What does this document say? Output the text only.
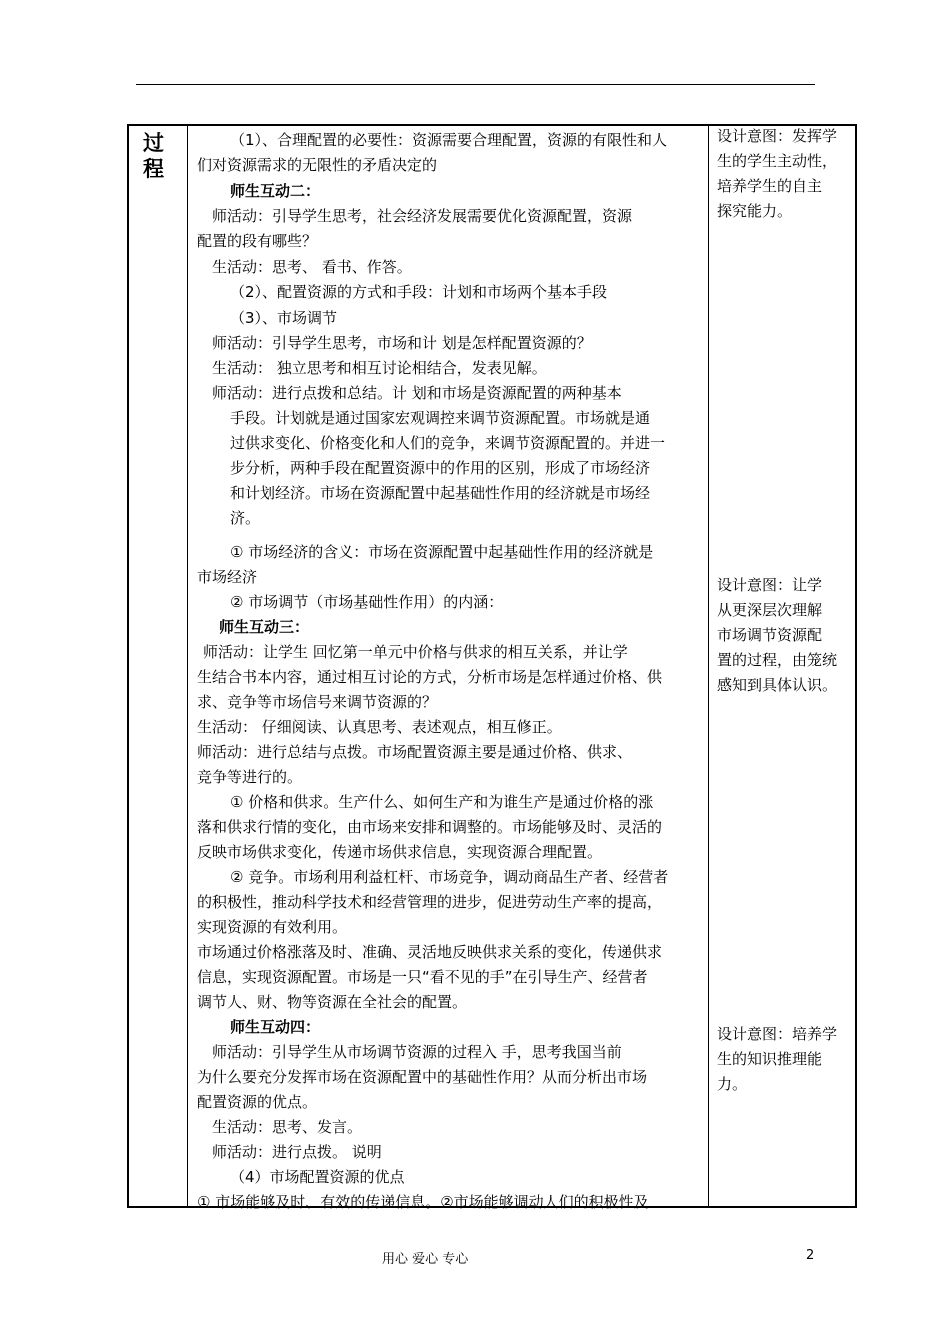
过
程
（1）、合理配置的必要性：资源需要合理配置，资源的有限性和人
们对资源需求的无限性的矛盾决定的
师生互动二：
师活动：引导学生思考，社会经济发展需要优化资源配置，资源
配置的段有哪些？
生活动：思考、 看书、作答。
（2）、配置资源的方式和手段：计划和市场两个基本手段
（3）、市场调节
师活动：引导学生思考，市场和计 划是怎样配置资源的？
生活动： 独立思考和相互讨论相结合，发表见解。
师活动：进行点拨和总结。计 划和市场是资源配置的两种基本
手段。计划就是通过国家宏观调控来调节资源配置。市场就是通
过供求变化、价格变化和人们的竞争，来调节资源配置的。并进一
步分析，两种手段在配置资源中的作用的区别，形成了市场经济
和计划经济。市场在资源配置中起基础性作用的经济就是市场经
济。
① 市场经济的含义：市场在资源配置中起基础性作用的经济就是
市场经济
② 市场调节（市场基础性作用）的内涵：
师生互动三：
师活动：让学生 回忆第一单元中价格与供求的相互关系，并让学
生结合书本内容，通过相互讨论的方式，分析市场是怎样通过价格、供
求、竞争等市场信号来调节资源的？
生活动： 仔细阅读、认真思考、表述观点，相互修正。
师活动：进行总结与点拨。市场配置资源主要是通过价格、供求、
竞争等进行的。
① 价格和供求。生产什么、如何生产和为谁生产是通过价格的涨
落和供求行情的变化，由市场来安排和调整的。市场能够及时、灵活的
反映市场供求变化，传递市场供求信息，实现资源合理配置。
② 竞争。市场利用利益杠杆、市场竞争，调动商品生产者、经营者
的积极性，推动科学技术和经营管理的进步，促进劳动生产率的提高，
实现资源的有效利用。
市场通过价格涨落及时、准确、灵活地反映供求关系的变化，传递供求
信息，实现资源配置。市场是一只“看不见的手”在引导生产、经营者
调节人、财、物等资源在全社会的配置。
师生互动四：
师活动：引导学生从市场调节资源的过程入 手，思考我国当前
为什么要充分发挥市场在资源配置中的基础性作用？从而分析出市场
配置资源的优点。
生活动：思考、发言。
师活动：进行点拨。 说明
（4）市场配置资源的优点
① 市场能够及时、有效的传递信息。②市场能够调动人们的积极性及
设计意图：发挥学
生的学生主动性，
培养学生的自主
探究能力。
设计意图：让学
从更深层次理解
市场调节资源配
置的过程，由笼统
感知到具体认识。
设计意图：培养学
生的知识推理能
力。
用心 爱心 专心	2
